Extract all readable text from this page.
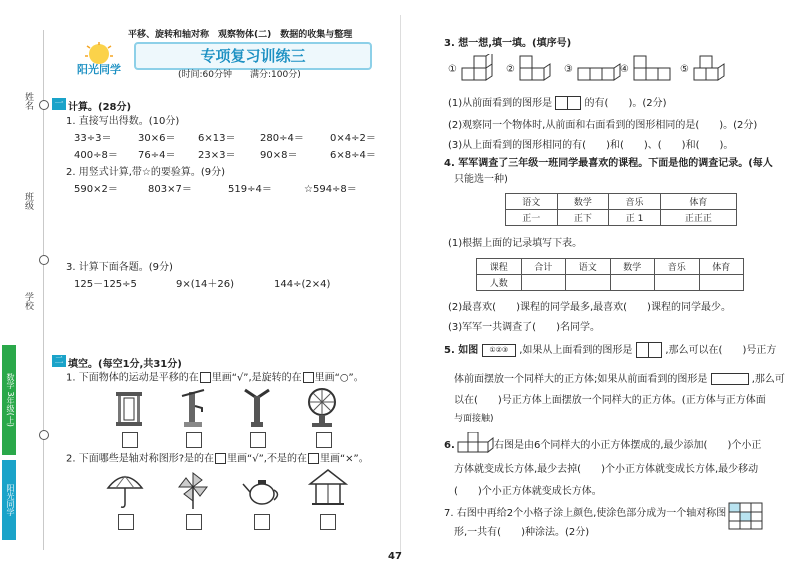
姓名
班级
学校
数学 3年级(上)
阳光同学
平移、旋转和轴对称　观察物体(二)　数据的收集与整理
阳光同学
专项复习训练三
(时间:60分钟　　满分:100分)
一 计算。(28分)
1. 直接写出得数。(10分)
33÷3＝	30×6＝ 6×13＝ 280÷4＝	0×4÷2＝
400÷8＝ 76÷4＝ 23×3＝ 90×8＝	6×8÷4＝
2. 用竖式计算,带☆的要验算。(9分)
590×2＝	803×7＝	519÷4＝	☆594÷8＝
3. 计算下面各题。(9分)
125－125÷5	9×(14＋26)	144÷(2×4)
二 填空。(每空1分,共31分)
1. 下面物体的运动是平移的在 里画“√”,是旋转的在 里画“○”。
2. 下面哪些是轴对称图形?是的在 里画“√”,不是的在 里画“×”。
3. 想一想,填一填。(填序号)
①	②	③	④	⑤
(1)从前面看到的图形是	的有(　　)。(2分)
(2)观察同一个物体时,从前面和右面看到的图形相同的是(　　)。(2分)
(3)从上面看到的图形相同的有(　　)和(　　)、(　　)和(　　)。
4. 军军调查了三年级一班同学最喜欢的课程。下面是他的调查记录。(每人
只能选一种)
语文	数学	音乐	体育
正一	正下	正 1	正正正
(1)根据上面的记录填写下表。
课程	合计	语文	数学	音乐	体育
人数					
(2)最喜欢(　　)课程的同学最多,最喜欢(　　)课程的同学最少。
(3)军军一共调查了(　　)名同学。
5. 如图 ①②③ ,如果从上面看到的图形是	,那么可以在(　　)号正方
体前面摆放一个同样大的正方体;如果从前面看到的图形是	,那么可
以在(　　)号正方体上面摆放一个同样大的正方体。(正方体与正方体面
与面接触)
6.	右图是由6个同样大的小正方体摆成的,最少添加(　　)个小正
方体就变成长方体,最少去掉(　　)个小正方体就变成长方体,最少移动
(　　)个小正方体就变成长方体。
7. 右图中再给2个小格子涂上颜色,使涂色部分成为一个轴对称图
形,一共有(　　)种涂法。(2分)
47
